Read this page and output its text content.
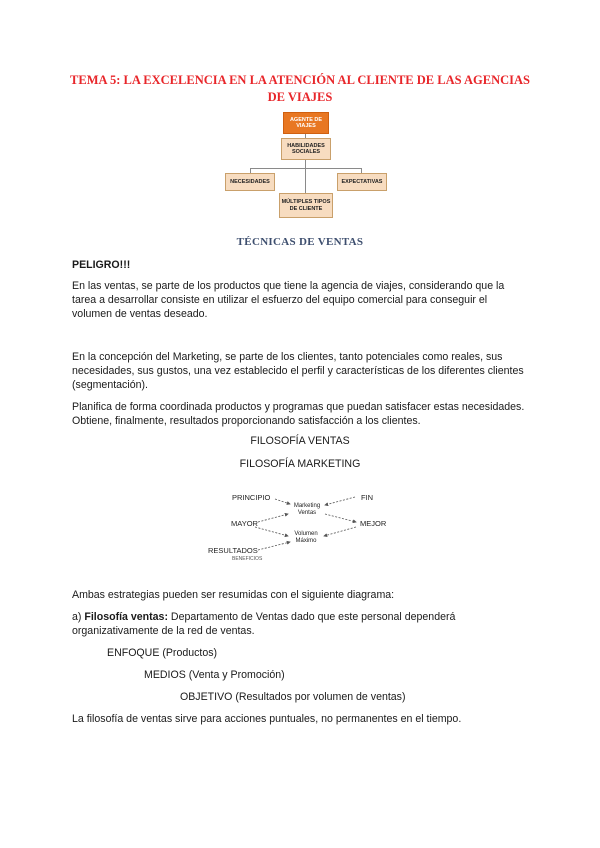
TEMA 5: LA EXCELENCIA EN LA ATENCIÓN AL CLIENTE DE LAS AGENCIAS DE VIAJES
AGENTE DE VIAJES
HABILIDADES SOCIALES
NECESIDADES	EXPECTATIVAS
MÚLTIPLES TIPOS DE CLIENTE
TÉCNICAS DE VENTAS

PELIGRO!!!

En las ventas, se parte de los productos que tiene la agencia de viajes, considerando que la tarea a desarrollar consiste en utilizar el esfuerzo del equipo comercial para conseguir el volumen de ventas deseado.

En la concepción del Marketing, se parte de los clientes, tanto potenciales como reales, sus necesidades, sus gustos, una vez establecido el perfil y características de los diferentes clientes (segmentación).

Planifica de forma coordinada productos y programas que puedan satisfacer estas necesidades. Obtiene, finalmente, resultados proporcionando satisfacción a los clientes.

FILOSOFÍA VENTAS

FILOSOFÍA MARKETING

PRINCIPIO	FIN
Marketing Ventas
MAYOR	MEJOR
Volumen Máximo
RESULTADOS
BENEFICIOS

Ambas estrategias pueden ser resumidas con el siguiente diagrama:

a) Filosofía ventas: Departamento de Ventas dado que este personal dependerá organizativamente de la red de ventas.

ENFOQUE (Productos)

MEDIOS (Venta y Promoción)

OBJETIVO (Resultados por volumen de ventas)

La filosofía de ventas sirve para acciones puntuales, no permanentes en el tiempo.
